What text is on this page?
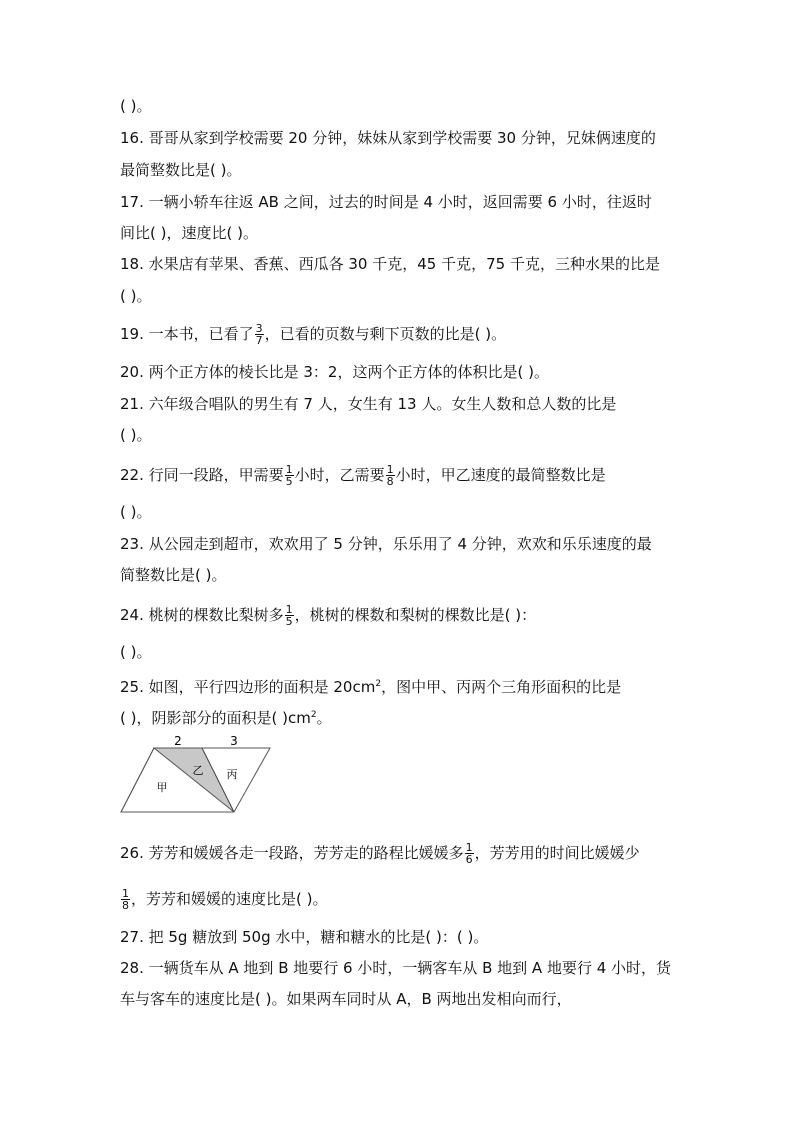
( )。
16. 哥哥从家到学校需要 20 分钟，妹妹从家到学校需要 30 分钟，兄妹俩速度的
最简整数比是( )。
17. 一辆小轿车往返 AB 之间，过去的时间是 4 小时，返回需要 6 小时，往返时
间比( )，速度比( )。
18. 水果店有苹果、香蕉、西瓜各 30 千克，45 千克，75 千克，三种水果的比是
( )。
19. 一本书，已看了 $\frac{3}{7}$ ，已看的页数与剩下页数的比是( )。
20. 两个正方体的棱长比是 3：2，这两个正方体的体积比是( )。
21. 六年级合唱队的男生有 7 人，女生有 13 人。女生人数和总人数的比是
( )。
22. 行同一段路，甲需要 $\frac{1}{5}$ 小时，乙需要 $\frac{1}{8}$ 小时，甲乙速度的最简整数比是
( )。
23. 从公园走到超市，欢欢用了 5 分钟，乐乐用了 4 分钟，欢欢和乐乐速度的最
简整数比是( )。
24. 桃树的棵数比梨树多 $\frac{1}{5}$ ，桃树的棵数和梨树的棵数比是( )：
( )。
25. 如图，平行四边形的面积是 $20cm^2$，图中甲、丙两个三角形面积的比是
( )，阴影部分的面积是( )$cm^2$。
2	3
甲
乙 丙
26. 芳芳和媛媛各走一段路，芳芳走的路程比媛媛多 $\frac{1}{6}$ ，芳芳用的时间比媛媛少
$\frac{1}{8}$ ，芳芳和媛媛的速度比是( )。
27. 把 5g 糖放到 50g 水中，糖和糖水的比是( )：( )。
28. 一辆货车从 A 地到 B 地要行 6 小时，一辆客车从 B 地到 A 地要行 4 小时，货
车与客车的速度比是( )。如果两车同时从 A，B 两地出发相向而行，
